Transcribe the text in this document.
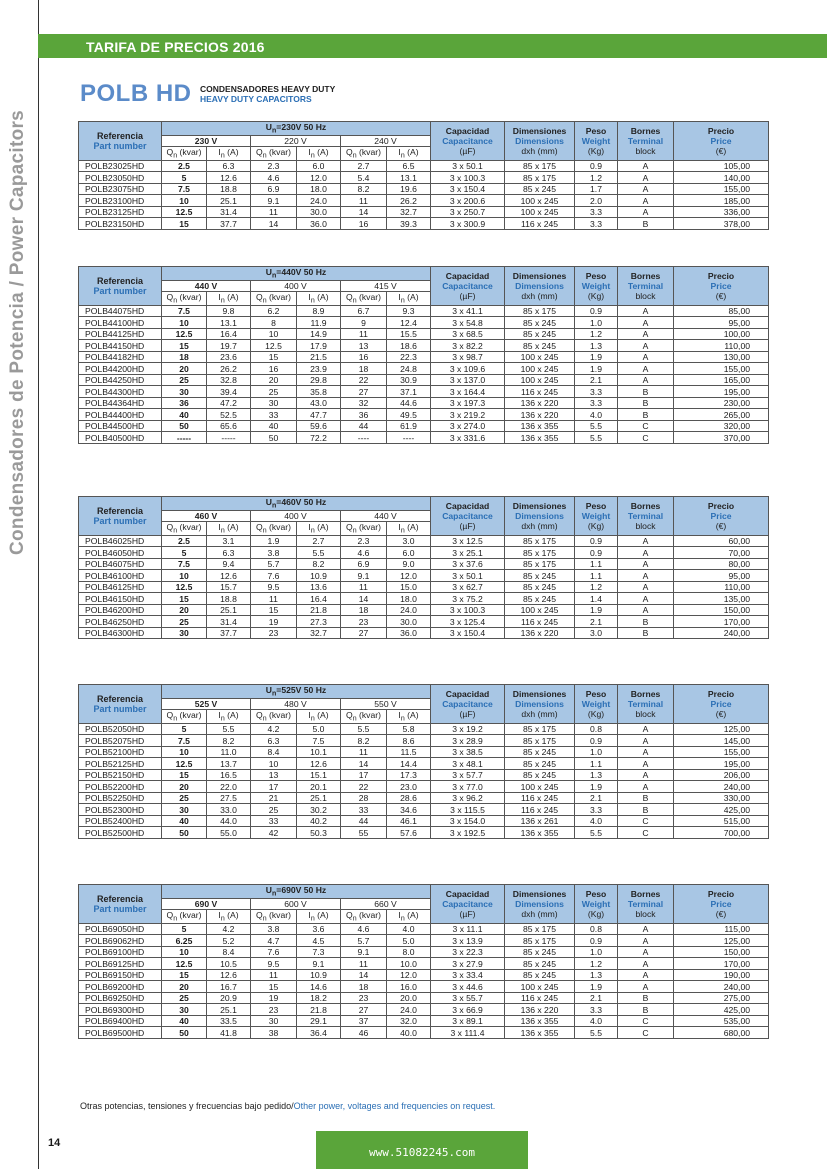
TARIFA DE PRECIOS 2016
Condensadores de Potencia / Power Capacitors
POLB HD CONDENSADORES HEAVY DUTY
HEAVY DUTY CAPACITORS
Referencia
Part number	$U_n=230V$ 50 Hz						Capacidad
Capacitance
(µF)	Dimensiones
Dimensions
dxh (mm)	Peso
Weight
(Kg)	Bornes
Terminal
block	Precio
Price
(€)

	230 V		220 V		240 V						
	$Q_n$ (kvar)	$I_n$ (A)	$Q_n$ (kvar)	$I_n$ (A)	$Q_n$ (kvar)	$I_n$ (A)					
POLB23025HD	2.5	6.3	2.3	6.0	2.7	6.5	3 x 50.1	85 x 175	0.9	A	105,00
POLB23050HD	5	12.6	4.6	12.0	5.4	13.1	3 x 100.3	85 x 175	1.2	A	140,00
POLB23075HD	7.5	18.8	6.9	18.0	8.2	19.6	3 x 150.4	85 x 245	1.7	A	155,00
POLB23100HD	10	25.1	9.1	24.0	11	26.2	3 x 200.6	100 x 245	2.0	A	185,00
POLB23125HD	12.5	31.4	11	30.0	14	32.7	3 x 250.7	100 x 245	3.3	A	336,00
POLB23150HD	15	37.7	14	36.0	16	39.3	3 x 300.9	116 x 245	3.3	B	378,00
Referencia
Part number	$U_n=440V$ 50 Hz						Capacidad
Capacitance
(µF)	Dimensiones
Dimensions
dxh (mm)	Peso
Weight
(Kg)	Bornes
Terminal
block	Precio
Price
(€)

	440 V		400 V		415 V						
	$Q_n$ (kvar)	$I_n$ (A)	$Q_n$ (kvar)	$I_n$ (A)	$Q_n$ (kvar)	$I_n$ (A)					
POLB44075HD	7.5	9.8	6.2	8.9	6.7	9.3	3 x 41.1	85 x 175	0.9	A	85,00
POLB44100HD	10	13.1	8	11.9	9	12.4	3 x 54.8	85 x 245	1.0	A	95,00
POLB44125HD	12.5	16.4	10	14.9	11	15.5	3 x 68.5	85 x 245	1.2	A	100,00
POLB44150HD	15	19.7	12.5	17.9	13	18.6	3 x 82.2	85 x 245	1.3	A	110,00
POLB44182HD	18	23.6	15	21.5	16	22.3	3 x 98.7	100 x 245	1.9	A	130,00
POLB44200HD	20	26.2	16	23.9	18	24.8	3 x 109.6	100 x 245	1.9	A	155,00
POLB44250HD	25	32.8	20	29.8	22	30.9	3 x 137.0	100 x 245	2.1	A	165,00
POLB44300HD	30	39.4	25	35.8	27	37.1	3 x 164.4	116 x 245	3.3	B	195,00
POLB44364HD	36	47.2	30	43.0	32	44.6	3 x 197.3	136 x 220	3.3	B	230,00
POLB44400HD	40	52.5	33	47.7	36	49.5	3 x 219.2	136 x 220	4.0	B	265,00
POLB44500HD	50	65.6	40	59.6	44	61.9	3 x 274.0	136 x 355	5.5	C	320,00
POLB40500HD	-----	-----	50	72.2	----	----	3 x 331.6	136 x 355	5.5	C	370,00
Referencia
Part number	$U_n=460V$ 50 Hz						Capacidad
Capacitance
(µF)	Dimensiones
Dimensions
dxh (mm)	Peso
Weight
(Kg)	Bornes
Terminal
block	Precio
Price
(€)

	460 V		400 V		440 V						
	$Q_n$ (kvar)	$I_n$ (A)	$Q_n$ (kvar)	$I_n$ (A)	$Q_n$ (kvar)	$I_n$ (A)					
POLB46025HD	2.5	3.1	1.9	2.7	2.3	3.0	3 x 12.5	85 x 175	0.9	A	60,00
POLB46050HD	5	6.3	3.8	5.5	4.6	6.0	3 x 25.1	85 x 175	0.9	A	70,00
POLB46075HD	7.5	9.4	5.7	8.2	6.9	9.0	3 x 37.6	85 x 175	1.1	A	80,00
POLB46100HD	10	12.6	7.6	10.9	9.1	12.0	3 x 50.1	85 x 245	1.1	A	95,00
POLB46125HD	12.5	15.7	9.5	13.6	11	15.0	3 x 62.7	85 x 245	1.2	A	110,00
POLB46150HD	15	18.8	11	16.4	14	18.0	3 x 75.2	85 x 245	1.4	A	135,00
POLB46200HD	20	25.1	15	21.8	18	24.0	3 x 100.3	100 x 245	1.9	A	150,00
POLB46250HD	25	31.4	19	27.3	23	30.0	3 x 125.4	116 x 245	2.1	B	170,00
POLB46300HD	30	37.7	23	32.7	27	36.0	3 x 150.4	136 x 220	3.0	B	240,00
Referencia
Part number	$U_n=525V$ 50 Hz						Capacidad
Capacitance
(µF)	Dimensiones
Dimensions
dxh (mm)	Peso
Weight
(Kg)	Bornes
Terminal
block	Precio
Price
(€)

	525 V		480 V		550 V						
	$Q_n$ (kvar)	$I_n$ (A)	$Q_n$ (kvar)	$I_n$ (A)	$Q_n$ (kvar)	$I_n$ (A)					
POLB52050HD	5	5.5	4.2	5.0	5.5	5.8	3 x 19.2	85 x 175	0.8	A	125,00
POLB52075HD	7.5	8.2	6.3	7.5	8.2	8.6	3 x 28.9	85 x 175	0.9	A	145,00
POLB52100HD	10	11.0	8.4	10.1	11	11.5	3 x 38.5	85 x 245	1.0	A	155,00
POLB52125HD	12.5	13.7	10	12.6	14	14.4	3 x 48.1	85 x 245	1.1	A	195,00
POLB52150HD	15	16.5	13	15.1	17	17.3	3 x 57.7	85 x 245	1.3	A	206,00
POLB52200HD	20	22.0	17	20.1	22	23.0	3 x 77.0	100 x 245	1.9	A	240,00
POLB52250HD	25	27.5	21	25.1	28	28.6	3 x 96.2	116 x 245	2.1	B	330,00
POLB52300HD	30	33.0	25	30.2	33	34.6	3 x 115.5	116 x 245	3.3	B	425,00
POLB52400HD	40	44.0	33	40.2	44	46.1	3 x 154.0	136 x 261	4.0	C	515,00
POLB52500HD	50	55.0	42	50.3	55	57.6	3 x 192.5	136 x 355	5.5	C	700,00
Referencia
Part number	$U_n=690V$ 50 Hz						Capacidad
Capacitance
(µF)	Dimensiones
Dimensions
dxh (mm)	Peso
Weight
(Kg)	Bornes
Terminal
block	Precio
Price
(€)

	690 V		600 V		660 V						
	$Q_n$ (kvar)	$I_n$ (A)	$Q_n$ (kvar)	$I_n$ (A)	$Q_n$ (kvar)	$I_n$ (A)					
POLB69050HD	5	4.2	3.8	3.6	4.6	4.0	3 x 11.1	85 x 175	0.8	A	115,00
POLB69062HD	6.25	5.2	4.7	4.5	5.7	5.0	3 x 13.9	85 x 175	0.9	A	125,00
POLB69100HD	10	8.4	7.6	7.3	9.1	8.0	3 x 22.3	85 x 245	1.0	A	150,00
POLB69125HD	12.5	10.5	9.5	9.1	11	10.0	3 x 27.9	85 x 245	1.2	A	170,00
POLB69150HD	15	12.6	11	10.9	14	12.0	3 x 33.4	85 x 245	1.3	A	190,00
POLB69200HD	20	16.7	15	14.6	18	16.0	3 x 44.6	100 x 245	1.9	A	240,00
POLB69250HD	25	20.9	19	18.2	23	20.0	3 x 55.7	116 x 245	2.1	B	275,00
POLB69300HD	30	25.1	23	21.8	27	24.0	3 x 66.9	136 x 220	3.3	B	425,00
POLB69400HD	40	33.5	30	29.1	37	32.0	3 x 89.1	136 x 355	4.0	C	535,00
POLB69500HD	50	41.8	38	36.4	46	40.0	3 x 111.4	136 x 355	5.5	C	680,00
Otras potencias, tensiones y frecuencias bajo pedido/Other power, voltages and frequencies on request.
14
www.51082245.com
